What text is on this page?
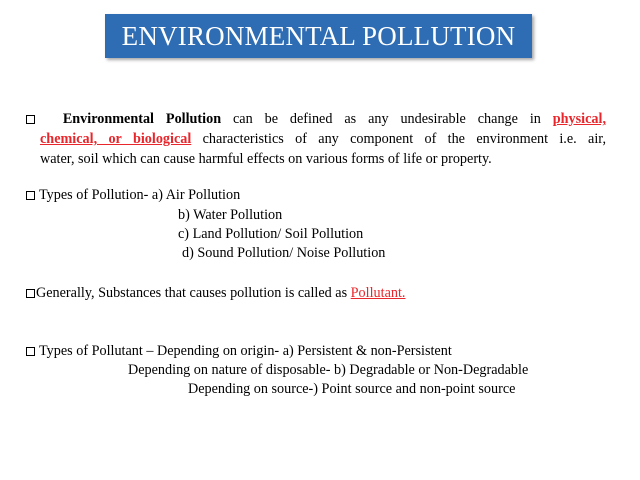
ENVIRONMENTAL POLLUTION
Environmental Pollution can be defined as any undesirable change in physical,
chemical, or biological characteristics of any component of the environment i.e. air,
water, soil which can cause harmful effects on various forms of life or property.
Types of Pollution- a) Air Pollution
b) Water Pollution
c) Land Pollution/ Soil Pollution
d) Sound Pollution/ Noise Pollution
Generally, Substances that causes pollution is called as Pollutant.
Types of Pollutant – Depending on origin- a) Persistent & non-Persistent
Depending on nature of disposable- b) Degradable or Non-Degradable
Depending on source-) Point source and non-point source
